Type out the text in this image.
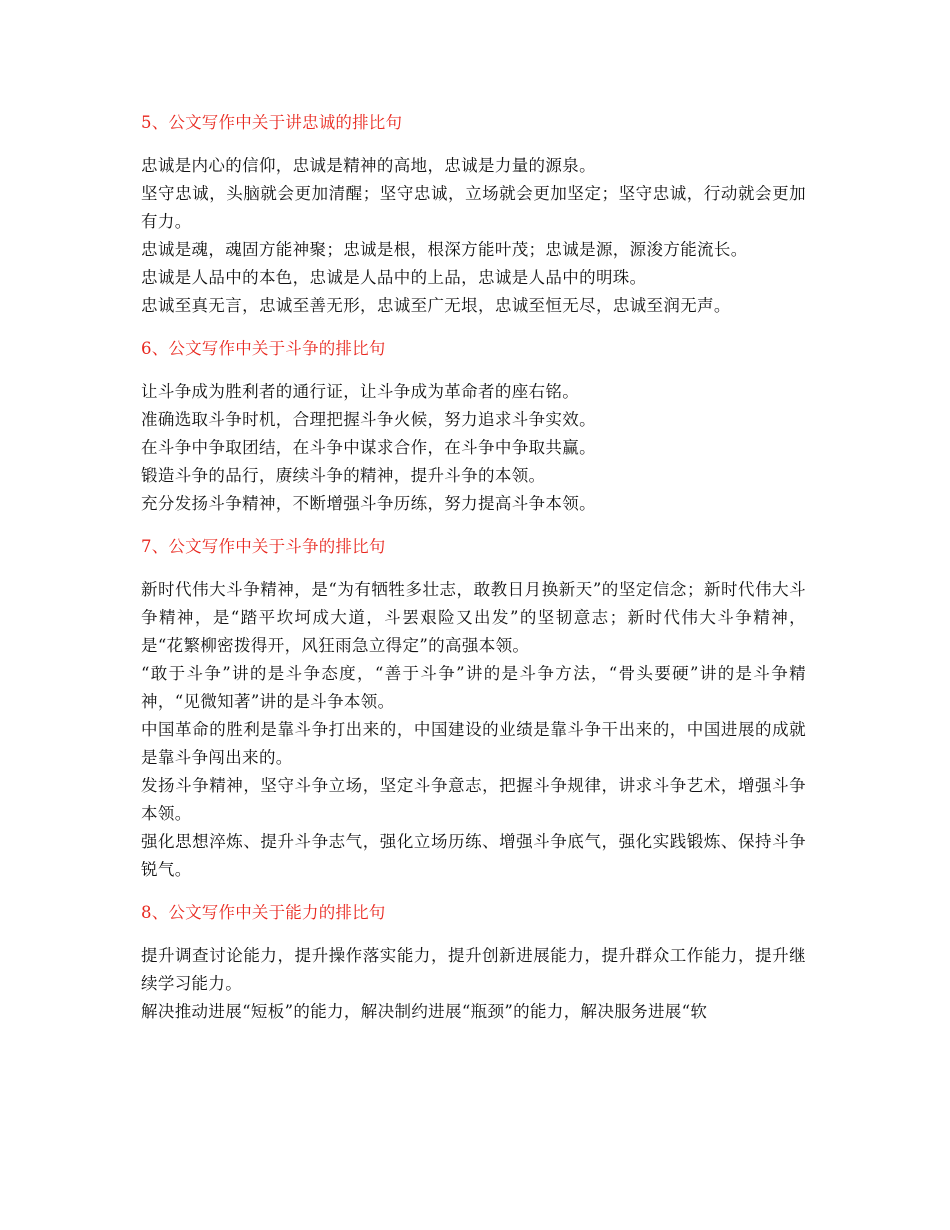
5、公文写作中关于讲忠诚的排比句

忠诚是内心的信仰，忠诚是精神的高地，忠诚是力量的源泉。

坚守忠诚，头脑就会更加清醒；坚守忠诚，立场就会更加坚定；坚守忠诚，行动就会更加有力。

忠诚是魂，魂固方能神聚；忠诚是根，根深方能叶茂；忠诚是源，源浚方能流长。

忠诚是人品中的本色，忠诚是人品中的上品，忠诚是人品中的明珠。

忠诚至真无言，忠诚至善无形，忠诚至广无垠，忠诚至恒无尽，忠诚至润无声。

6、公文写作中关于斗争的排比句

让斗争成为胜利者的通行证，让斗争成为革命者的座右铭。

准确选取斗争时机，合理把握斗争火候，努力追求斗争实效。

在斗争中争取团结，在斗争中谋求合作，在斗争中争取共赢。

锻造斗争的品行，赓续斗争的精神，提升斗争的本领。

充分发扬斗争精神，不断增强斗争历练，努力提高斗争本领。

7、公文写作中关于斗争的排比句

新时代伟大斗争精神，是“为有牺牲多壮志，敢教日月换新天”的坚定信念；新时代伟大斗争精神，是“踏平坎坷成大道，斗罢艰险又出发”的坚韧意志；新时代伟大斗争精神，是“花繁柳密拨得开，风狂雨急立得定”的高强本领。

“敢于斗争”讲的是斗争态度，“善于斗争”讲的是斗争方法，“骨头要硬”讲的是斗争精神，“见微知著”讲的是斗争本领。

中国革命的胜利是靠斗争打出来的，中国建设的业绩是靠斗争干出来的，中国进展的成就是靠斗争闯出来的。

发扬斗争精神，坚守斗争立场，坚定斗争意志，把握斗争规律，讲求斗争艺术，增强斗争本领。

强化思想淬炼、提升斗争志气，强化立场历练、增强斗争底气，强化实践锻炼、保持斗争锐气。

8、公文写作中关于能力的排比句

提升调查讨论能力，提升操作落实能力，提升创新进展能力，提升群众工作能力，提升继续学习能力。

解决推动进展“短板”的能力，解决制约进展“瓶颈”的能力，解决服务进展“软
